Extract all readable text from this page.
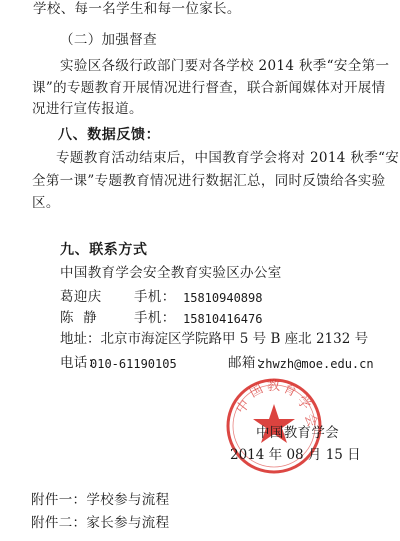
学校、每一名学生和每一位家长。
（二）加强督查
实验区各级行政部门要对各学校 2014 秋季“安全第一
课”的专题教育开展情况进行督查，联合新闻媒体对开展情
况进行宣传报道。
八、数据反馈：
专题教育活动结束后，中国教育学会将对 2014 秋季“安
全第一课”专题教育情况进行数据汇总，同时反馈给各实验
区。
九、联系方式
中国教育学会安全教育实验区办公室
葛迎庆 手机： 15810940898
陈  静	手机： 15810416476
地址：北京市海淀区学院路甲 5 号 B 座北 2132 号
电话：
010-61190105	邮箱：
zhwzh@moe.edu.cn
中
国 教 育
学
会
中国教育学会
2014 年 08 月 15 日
附件一：学校参与流程
附件二：家长参与流程
